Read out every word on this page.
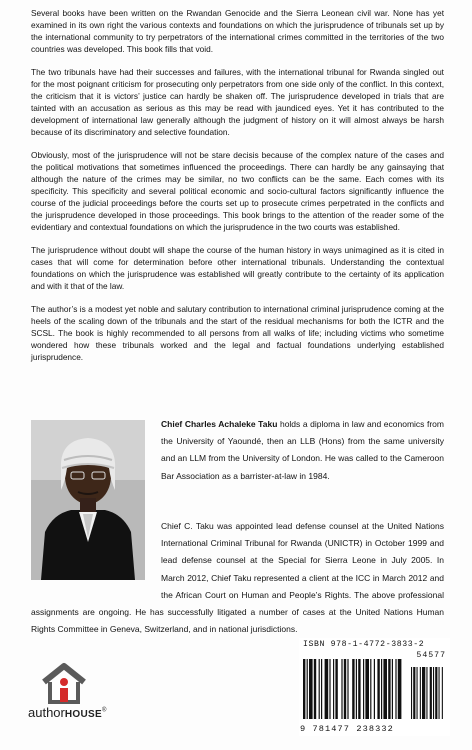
Several books have been written on the Rwandan Genocide and the Sierra Leonean civil war. None has yet examined in its own right the various contexts and foundations on which the jurisprudence of tribunals set up by the international community to try perpetrators of the international crimes committed in the territories of the two countries was developed. This book fills that void.

The two tribunals have had their successes and failures, with the international tribunal for Rwanda singled out for the most poignant criticism for prosecuting only perpetrators from one side only of the conflict. In this context, the criticism that it is victors’ justice can hardly be shaken off. The jurisprudence developed in trials that are tainted with an accusation as serious as this may be read with jaundiced eyes. Yet it has contributed to the development of international law generally although the judgment of history on it will almost always be harsh because of its discriminatory and selective foundation.

Obviously, most of the jurisprudence will not be stare decisis because of the complex nature of the cases and the political motivations that sometimes influenced the proceedings. There can hardly be any gainsaying that although the nature of the crimes may be similar, no two conflicts can be the same. Each comes with its specificity. This specificity and several political economic and socio-cultural factors significantly influence the course of the judicial proceedings before the courts set up to prosecute crimes perpetrated in the conflicts and the jurisprudence developed in those proceedings. This book brings to the attention of the reader some of the evidentiary and contextual foundations on which the jurisprudence in the two courts was established.

The jurisprudence without doubt will shape the course of the human history in ways unimagined as it is cited in cases that will come for determination before other international tribunals. Understanding the contextual foundations on which the jurisprudence was established will greatly contribute to the certainty of its application and with it that of the law.

The author’s is a modest yet noble and salutary contribution to international criminal jurisprudence coming at the heels of the scaling down of the tribunals and the start of the residual mechanisms for both the ICTR and the SCSL. The book is highly recommended to all persons from all walks of life; including victims who sometime wondered how these tribunals worked and the legal and factual foundations underlying established jurisprudence.

Chief Charles Achaleke Taku holds a diploma in law and economics from the University of Yaoundé, then an LLB (Hons) from the same university and an LLM from the University of London. He was called to the Cameroon Bar Association as a barrister-at-law in 1984.

Chief C. Taku was appointed lead defense counsel at the United Nations International Criminal Tribunal for Rwanda (UNICTR) in October 1999 and lead defense counsel at the Special for Sierra Leone in July 2005. In March 2012, Chief Taku represented a client at the ICC in March 2012 and the African Court on Human and People’s Rights. The above professional assignments are ongoing. He has successfully litigated a number of cases at the United Nations Human Rights Committee in Geneva, Switzerland, and in national jurisdictions.

ISBN 978-1-4772-3833-2
54577
9 781477 238332
authorHOUSE®
